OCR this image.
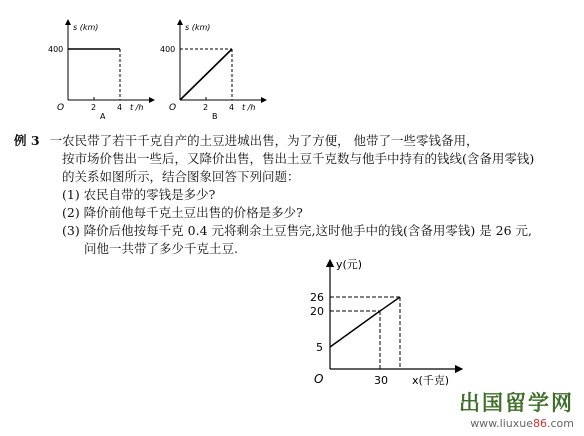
s (km)
400
O	2	4 t /h
A
s (km)
400
O	2	4 t /h
B
例 3 一农民带了若干千克自产的土豆进城出售，为了方便， 他带了一些零钱备用，
按市场价售出一些后，又降价出售，售出土豆千克数与他手中持有的钱线(含备用零钱)
的关系如图所示，结合图象回答下列问题：
(1) 农民自带的零钱是多少?
(2) 降价前他每千克土豆出售的价格是多少?
(3) 降价后他按每千克 0.4 元将剩余土豆售完,这时他手中的钱(含备用零钱) 是 26 元,
问他一共带了多少千克土豆.
y(元)
x(千克)
O
26
20
5
30
出国留学网
www.liuxue86.com
